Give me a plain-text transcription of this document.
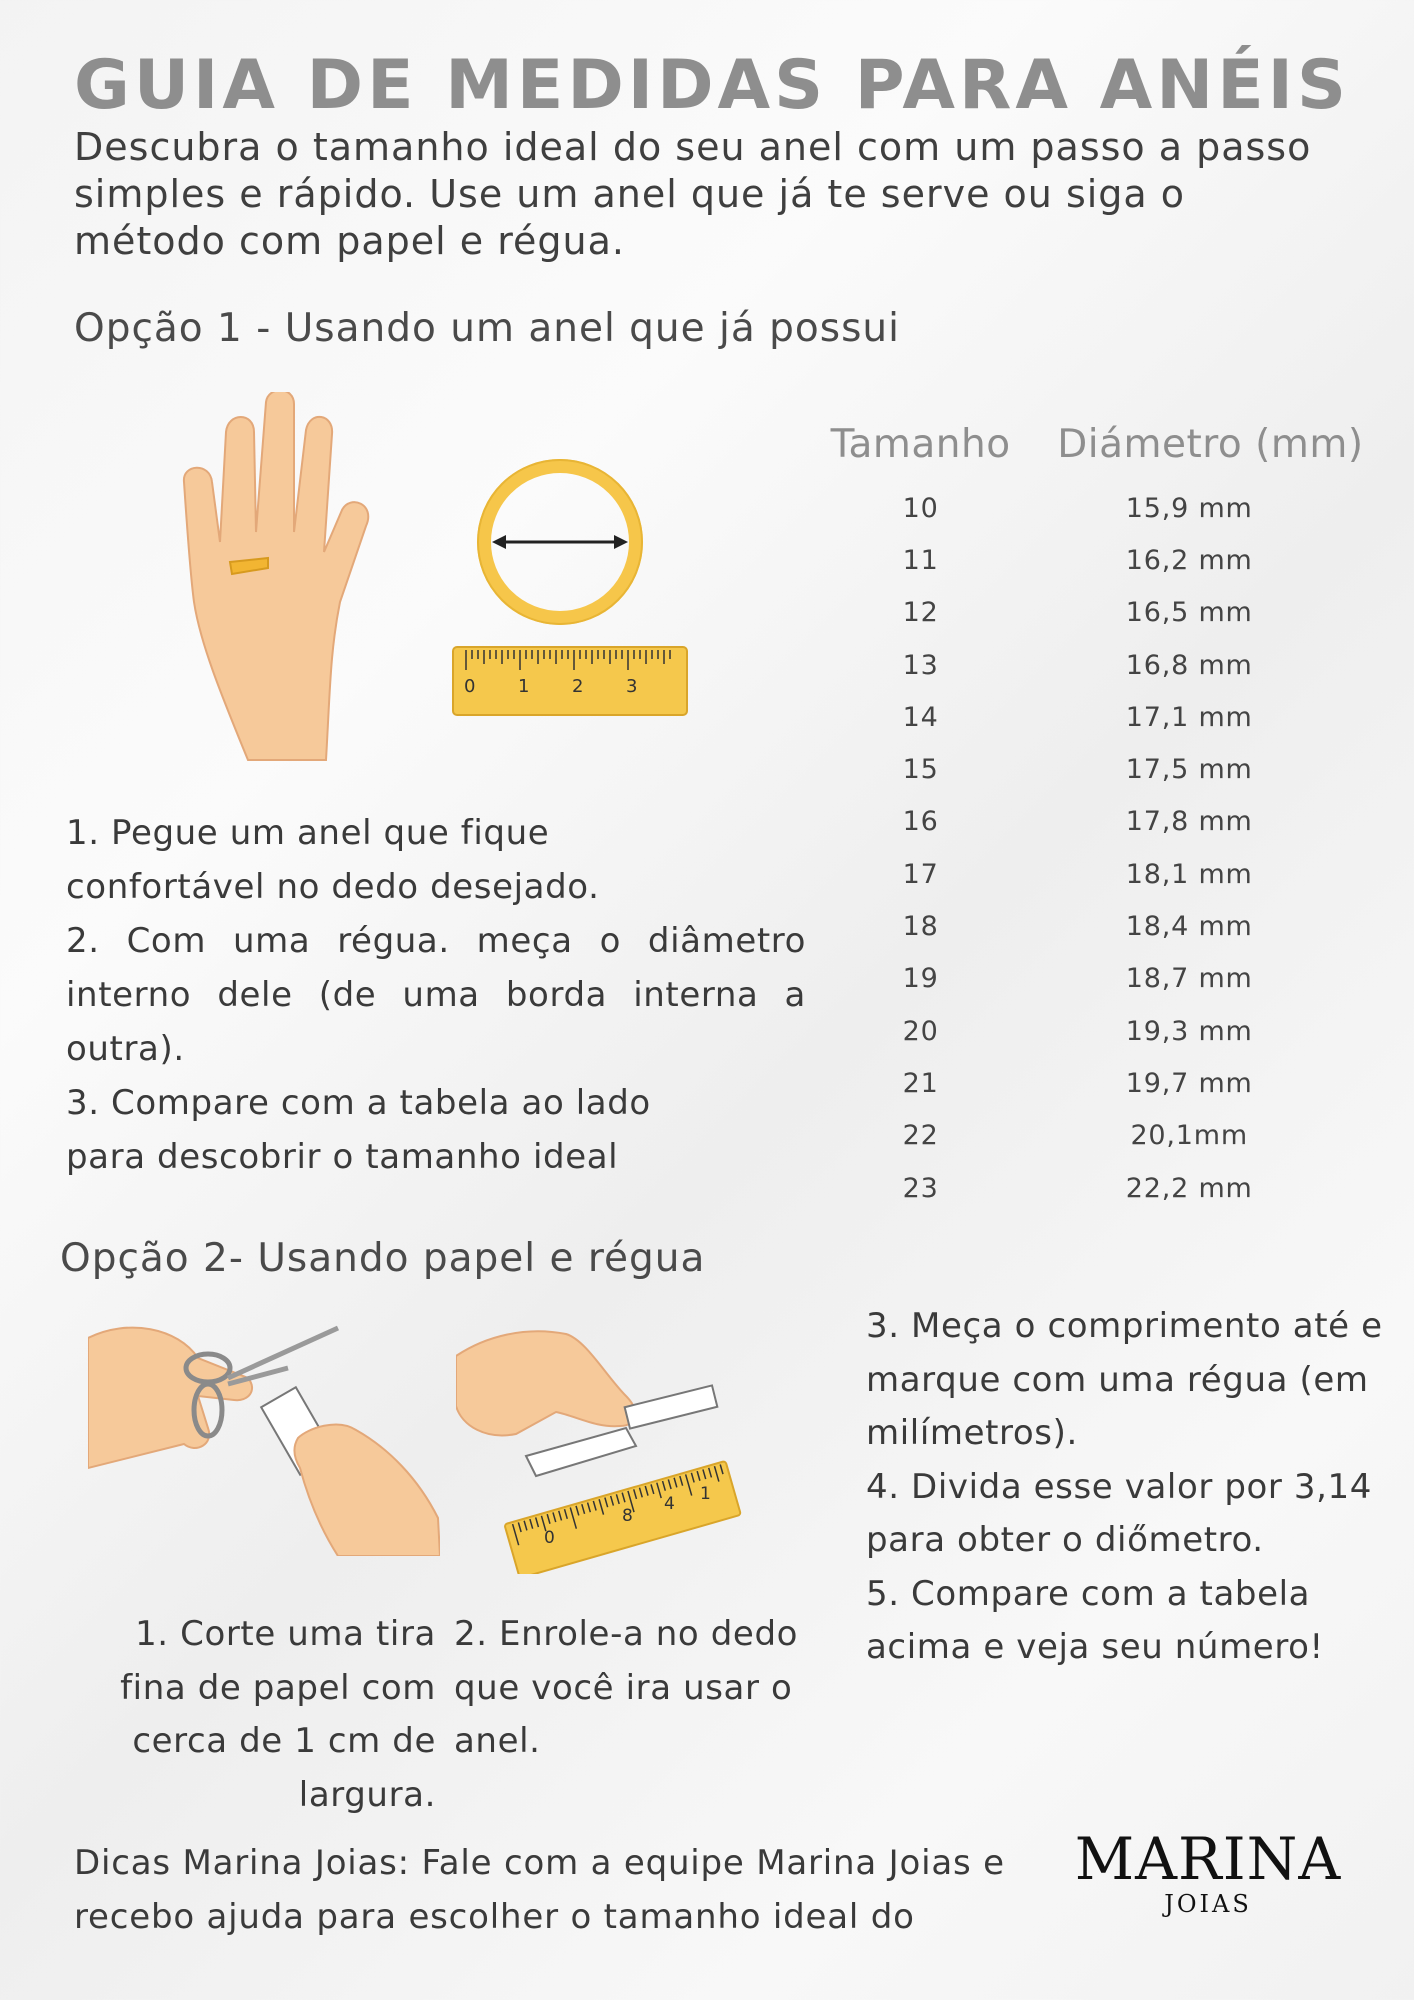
GUIA DE MEDIDAS PARA ANÉIS

Descubra o tamanho ideal do seu anel com um passo a passo simples e rápido. Use um anel que já te serve ou siga o método com papel e régua.

Opção 1 - Usando um anel que já possui
0 1 2 3
1. Pegue um anel que fique confortável no dedo desejado.
2. Com uma régua. meça o diâmetro interno dele (de uma borda interna a outra).
3. Compare com a tabela ao lado para descobrir o tamanho ideal
Tamanho	Diámetro (mm)
10	15,9 mm
11	16,2 mm
12	16,5 mm
13	16,8 mm
14	17,1 mm
15	17,5 mm
16	17,8 mm
17	18,1 mm
18	18,4 mm
19	18,7 mm
20	19,3 mm
21	19,7 mm
22	20,1mm
23	22,2 mm
Opção 2- Usando papel e régua
0
8
4 1

1. Corte uma tira fina de papel com cerca de 1 cm de largura.

2. Enrole-a no dedo que você ira usar o anel.

3. Meça o comprimento até e marque com uma régua (em milímetros).
4. Divida esse valor por 3,14 para obter o diőmetro.
5. Compare com a tabela acima e veja seu número!

Dicas Marina Joias: Fale com a equipe Marina Joias e recebo ajuda para escolher o tamanho ideal do

MARINA
JOIAS
